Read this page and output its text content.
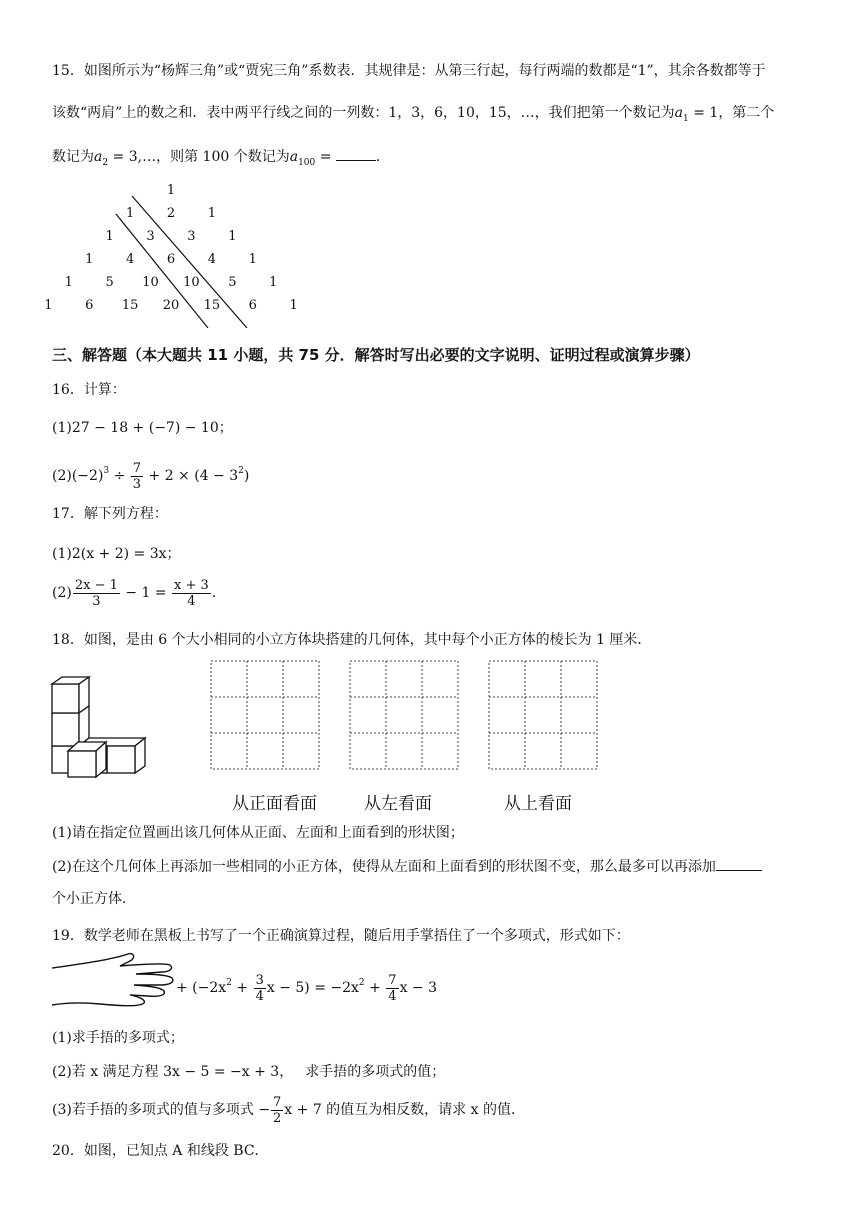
15．如图所示为“杨辉三角”或“贾宪三角”系数表．其规律是：从第三行起，每行两端的数都是“1”，其余各数都等于
该数“两肩”上的数之和．表中两平行线之间的一列数：1，3，6，10，15，…，我们把第一个数记为$a_1 = 1$，第二个
数记为$a_2$ = 3,…，则第 100 个数记为$a_{100}$ =	．
1
1	2	1
1	3	3	1
1	4	6	4	1
1	5 10 10 5	1
1	6 15 20 15 6	1
三、解答题（本大题共 11 小题，共 75 分．解答时写出必要的文字说明、证明过程或演算步骤）
16．计算：
(1)27 − 18 + (−7) − 10；
$(2)(-2)^3 \div \frac{7}{3} + 2 \times (4 - 3^2)$
17．解下列方程：
(1)2(x + 2) = 3x；
$(2) \frac{2x - 1}{3} - 1 = \frac{x + 3}{4}$ ．
18．如图，是由 6 个大小相同的小立方体块搭建的几何体，其中每个小正方体的棱长为 1 厘米．
从正面看面	从左看面	从上看面
(1)请在指定位置画出该几何体从正面、左面和上面看到的形状图；
(2)在这个几何体上再添加一些相同的小正方体，使得从左面和上面看到的形状图不变，那么最多可以再添加
个小正方体．
19．数学老师在黑板上书写了一个正确演算过程，随后用手掌捂住了一个多项式，形式如下：
+ ($-2x^2 + \frac{3}{4}$ $x - 5) = -2x^2 + \frac{7}{4}$ x − 3
(1)求手捂的多项式；
(2)若 x 满足方程 3x − 5 = −x + 3， 求手捂的多项式的值；
(3)若手捂的多项式的值与多项式 − $\frac{7}{2}$ x + 7 的值互为相反数，请求 x 的值．
20．如图，已知点 A 和线段 BC．
